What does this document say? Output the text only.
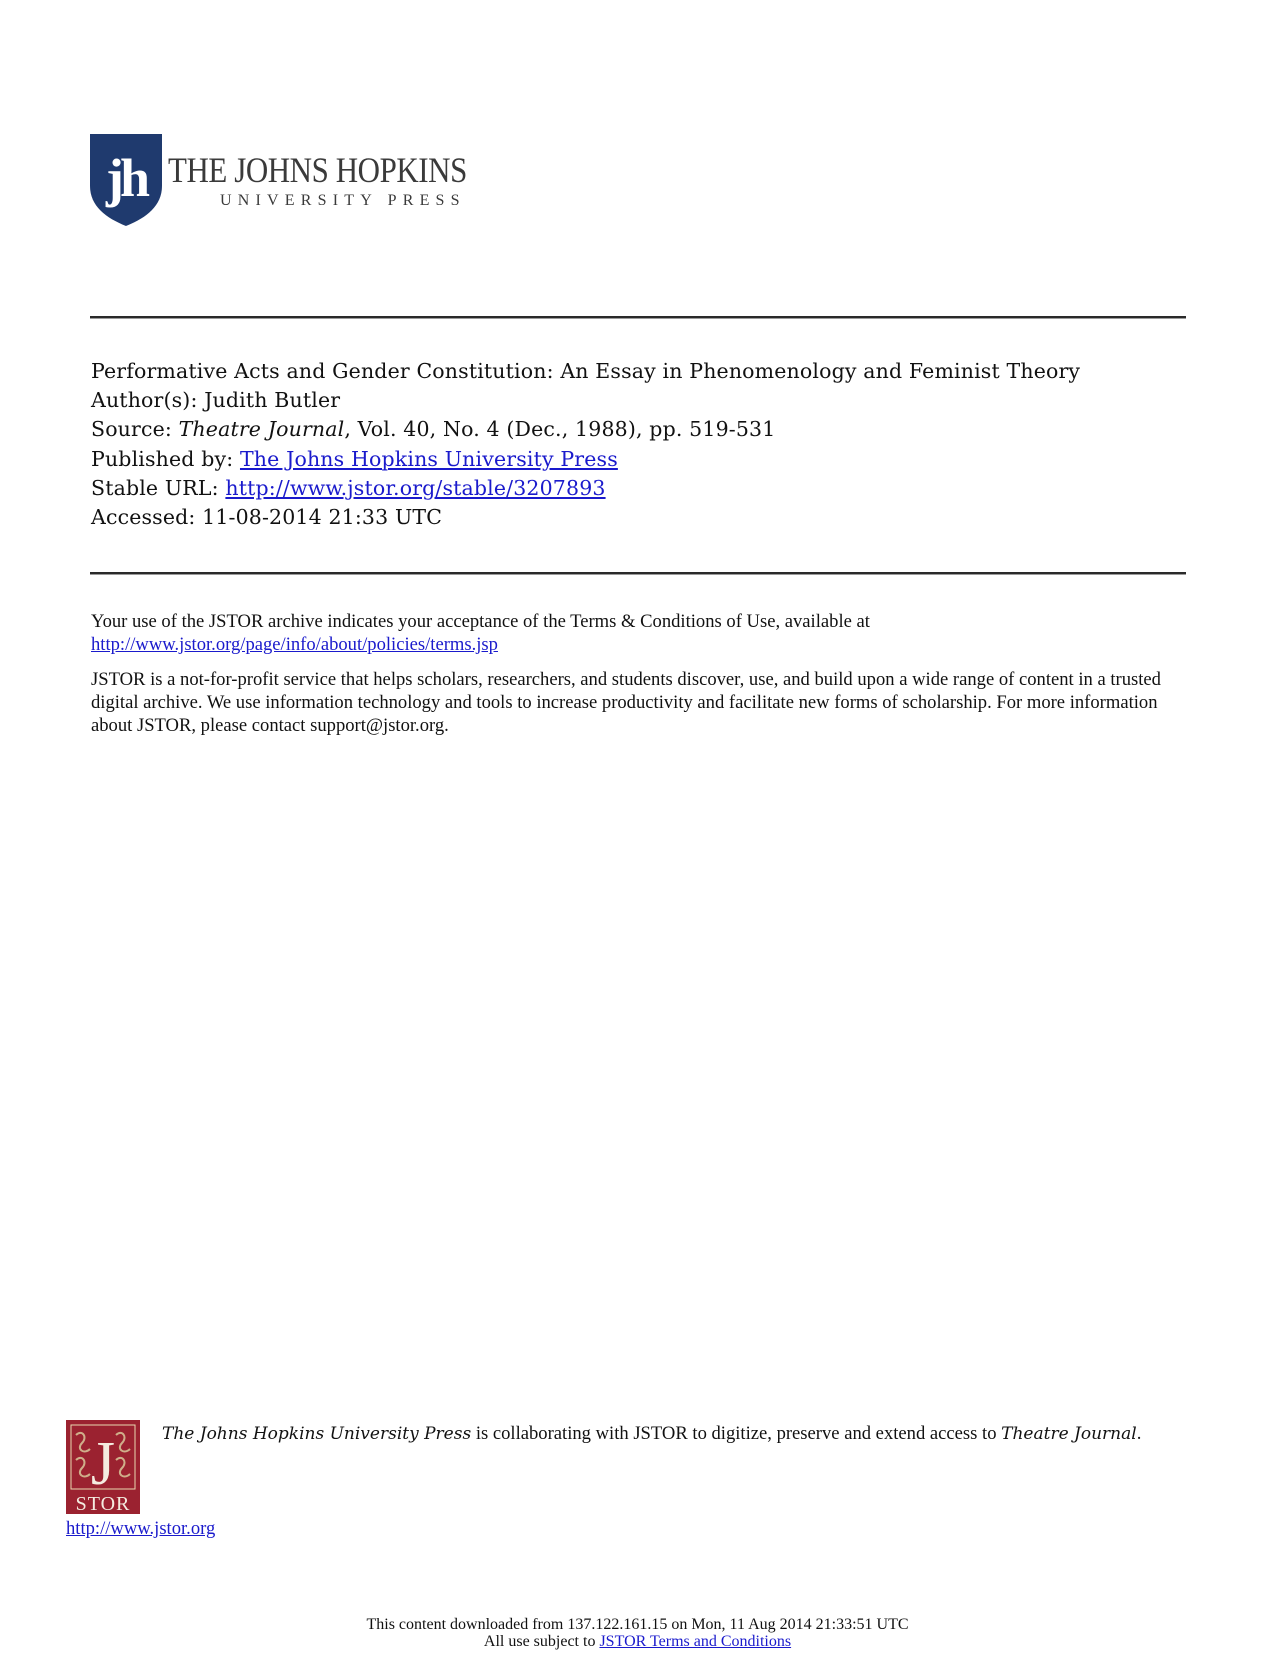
jh THE JOHNS HOPKINS
UNIVERSITY PRESS
Performative Acts and Gender Constitution: An Essay in Phenomenology and Feminist Theory
Author(s): Judith Butler
Source: Theatre Journal, Vol. 40, No. 4 (Dec., 1988), pp. 519-531
Published by: The Johns Hopkins University Press
Stable URL: http://www.jstor.org/stable/3207893
Accessed: 11-08-2014 21:33 UTC

Your use of the JSTOR archive indicates your acceptance of the Terms & Conditions of Use, available at
http://www.jstor.org/page/info/about/policies/terms.jsp

JSTOR is a not-for-profit service that helps scholars, researchers, and students discover, use, and build upon a wide range of content in a trusted digital archive. We use information technology and tools to increase productivity and facilitate new forms of scholarship. For more information about JSTOR, please contact support@jstor.org.

J
STOR
The Johns Hopkins University Press is collaborating with JSTOR to digitize, preserve and extend access to Theatre Journal.
http://www.jstor.org
This content downloaded from 137.122.161.15 on Mon, 11 Aug 2014 21:33:51 UTC
All use subject to JSTOR Terms and Conditions
